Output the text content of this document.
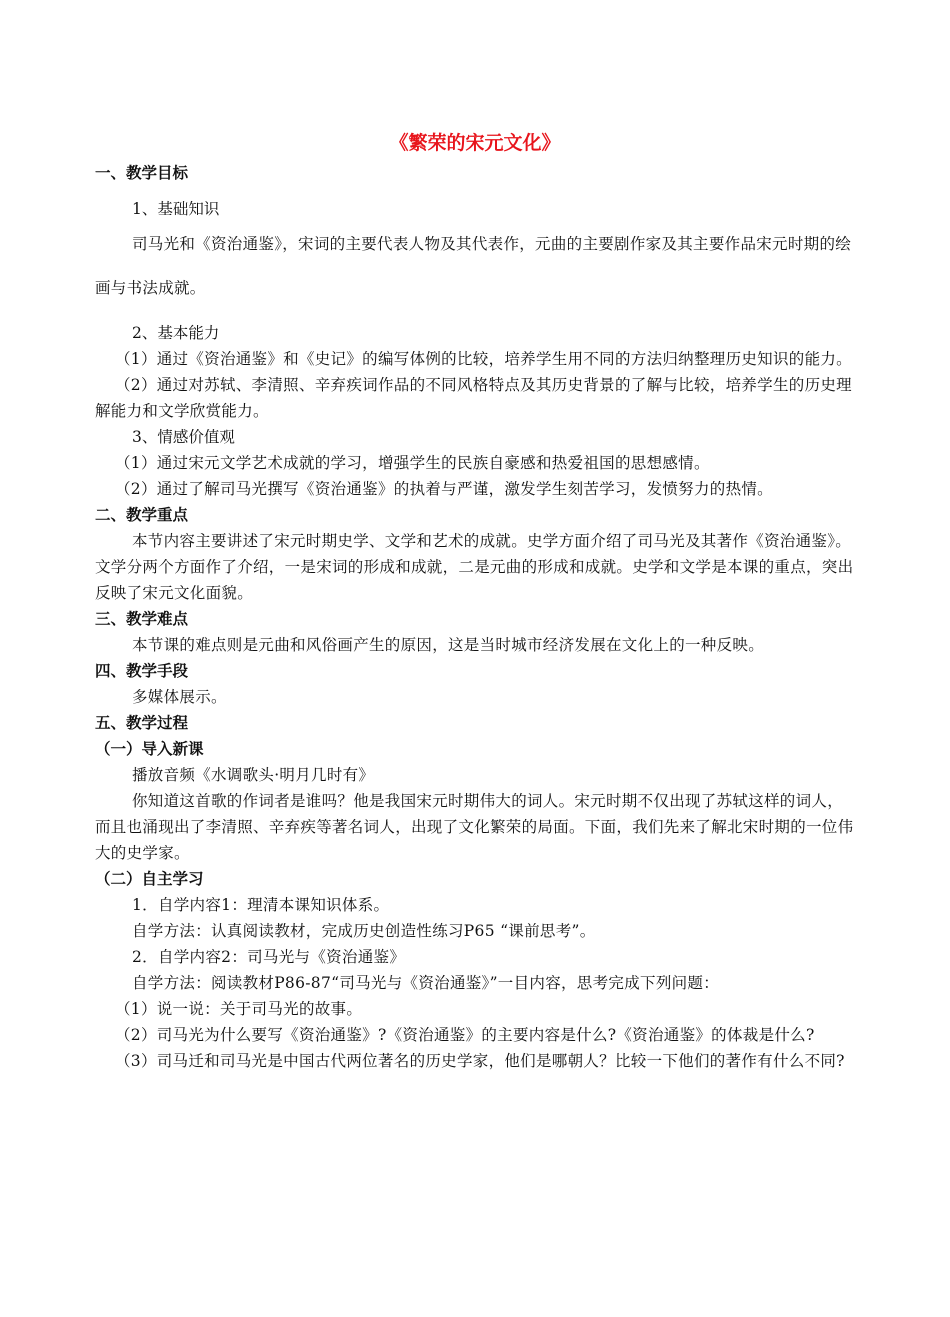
《繁荣的宋元文化》
一、教学目标
1、基础知识
司马光和《资治通鉴》，宋词的主要代表人物及其代表作，元曲的主要剧作家及其主要作品宋元时期的绘画与书法成就。
2、基本能力
（1）通过《资治通鉴》和《史记》的编写体例的比较，培养学生用不同的方法归纳整理历史知识的能力。
（2）通过对苏轼、李清照、辛弃疾词作品的不同风格特点及其历史背景的了解与比较，培养学生的历史理解能力和文学欣赏能力。
3、情感价值观
（1）通过宋元文学艺术成就的学习，增强学生的民族自豪感和热爱祖国的思想感情。
（2）通过了解司马光撰写《资治通鉴》的执着与严谨，激发学生刻苦学习，发愤努力的热情。
二、教学重点
本节内容主要讲述了宋元时期史学、文学和艺术的成就。史学方面介绍了司马光及其著作《资治通鉴》。文学分两个方面作了介绍，一是宋词的形成和成就，二是元曲的形成和成就。史学和文学是本课的重点，突出反映了宋元文化面貌。
三、教学难点
本节课的难点则是元曲和风俗画产生的原因，这是当时城市经济发展在文化上的一种反映。
四、教学手段
多媒体展示。
五、教学过程
（一）导入新课
播放音频《水调歌头·明月几时有》
你知道这首歌的作词者是谁吗？他是我国宋元时期伟大的词人。宋元时期不仅出现了苏轼这样的词人，而且也涌现出了李清照、辛弃疾等著名词人，出现了文化繁荣的局面。下面，我们先来了解北宋时期的一位伟大的史学家。
（二）自主学习
1．自学内容1：理清本课知识体系。
自学方法：认真阅读教材，完成历史创造性练习P65 “课前思考”。
2．自学内容2：司马光与《资治通鉴》
自学方法：阅读教材P86-87“司马光与《资治通鉴》”一目内容，思考完成下列问题：
（1）说一说：关于司马光的故事。
（2）司马光为什么要写《资治通鉴》?《资治通鉴》的主要内容是什么?《资治通鉴》的体裁是什么?
（3）司马迁和司马光是中国古代两位著名的历史学家，他们是哪朝人？比较一下他们的著作有什么不同?
